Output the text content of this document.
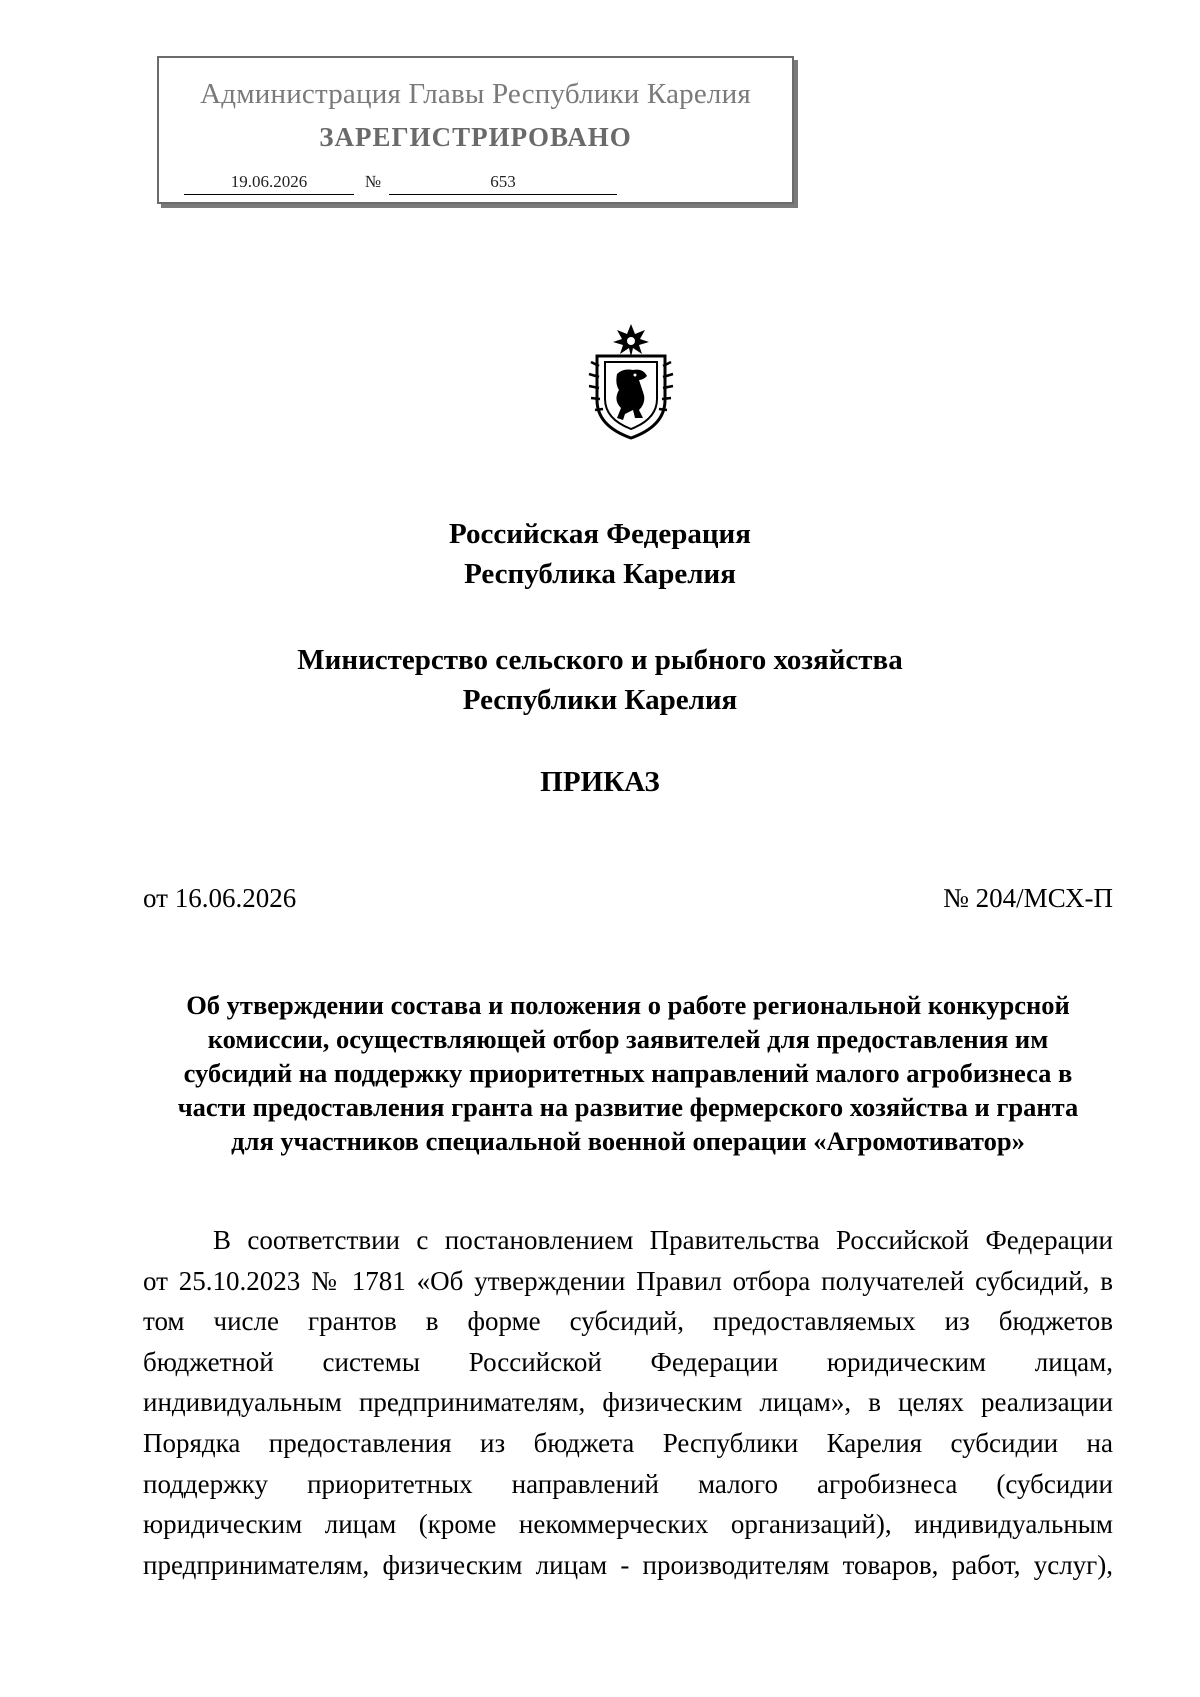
Администрация Главы Республики Карелия
ЗАРЕГИСТРИРОВАНО
19.06.2026	№	653
Российская Федерация
Республика Карелия
Министерство сельского и рыбного хозяйства
Республики Карелия
ПРИКАЗ
от 16.06.2026	№ 204/МСХ-П
Об утверждении состава и положения о работе региональной конкурсной
комиссии, осуществляющей отбор заявителей для предоставления им
субсидий на поддержку приоритетных направлений малого агробизнеса в
части предоставления гранта на развитие фермерского хозяйства и гранта
для участников специальной военной операции «Агромотиватор»
В соответствии с постановлением Правительства Российской Федерации
от 25.10.2023 № 1781 «Об утверждении Правил отбора получателей субсидий, в
том числе грантов в форме субсидий, предоставляемых из бюджетов
бюджетной системы Российской Федерации юридическим лицам,
индивидуальным предпринимателям, физическим лицам», в целях реализации
Порядка предоставления из бюджета Республики Карелия субсидии на
поддержку приоритетных направлений малого агробизнеса (субсидии
юридическим лицам (кроме некоммерческих организаций), индивидуальным
предпринимателям, физическим лицам - производителям товаров, работ, услуг),
